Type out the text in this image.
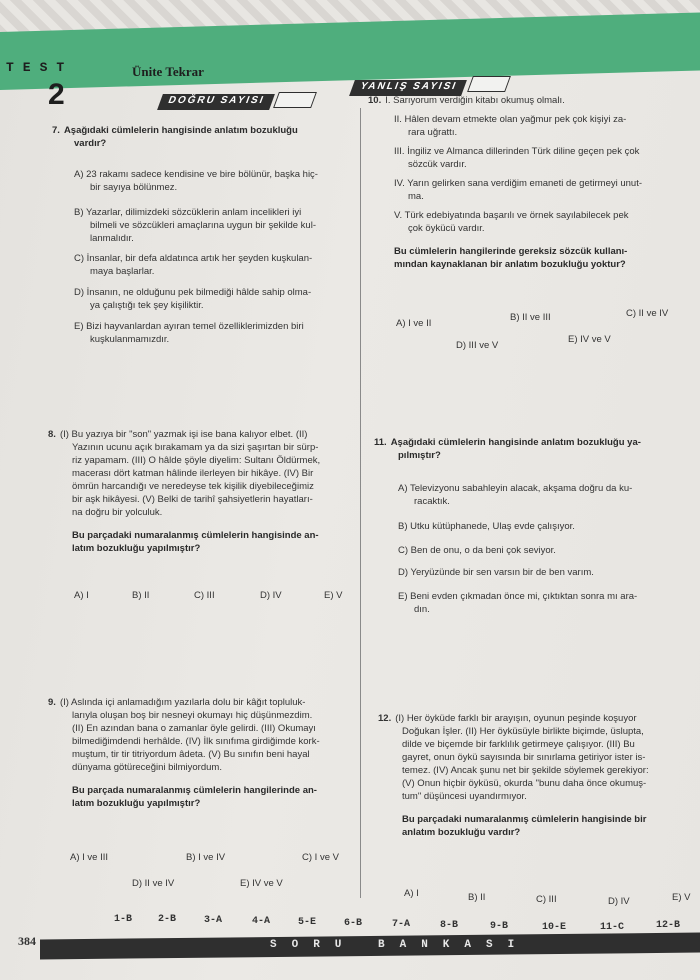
TEST
2
Ünite Tekrar
DOĞRU SAYISI
YANLIŞ SAYISI
7. Aşağıdaki cümlelerin hangisinde anlatım bozukluğu
vardır?
A) 23 rakamı sadece kendisine ve bire bölünür, başka hiç-
bir sayıya bölünmez.
B) Yazarlar, dilimizdeki sözcüklerin anlam incelikleri iyi
bilmeli ve sözcükleri amaçlarına uygun bir şekilde kul-
lanmalıdır.
C) İnsanlar, bir defa aldatınca artık her şeyden kuşkulan-
maya başlarlar.
D) İnsanın, ne olduğunu pek bilmediği hâlde sahip olma-
ya çalıştığı tek şey kişiliktir.
E) Bizi hayvanlardan ayıran temel özelliklerimizden biri
kuşkulanmamızdır.
8. (I) Bu yazıya bir "son" yazmak işi ise bana kalıyor elbet. (II)
Yazının ucunu açık bırakamam ya da sizi şaşırtan bir sürp-
riz yapamam. (III) O hâlde şöyle diyelim: Sultanı Öldürmek,
macerası dört katman hâlinde ilerleyen bir hikâye. (IV) Bir
ömrün harcandığı ve neredeyse tek kişilik diyebileceğimiz
bir aşk hikâyesi. (V) Belki de tarihî şahsiyetlerin hayatları-
na doğru bir yolculuk.
Bu parçadaki numaralanmış cümlelerin hangisinde an-
latım bozukluğu yapılmıştır?
A) I	B) II	C) III	D) IV	E) V
9. (I) Aslında içi anlamadığım yazılarla dolu bir kâğıt topluluk-
larıyla oluşan boş bir nesneyi okumayı hiç düşünmezdim.
(II) En azından bana o zamanlar öyle gelirdi. (III) Okumayı
bilmediğimdendi herhâlde. (IV) İlk sınıfıma girdiğimde kork-
muştum, tir tir titriyordum âdeta. (V) Bu sınıfın beni hayal
dünyama götüreceğini bilmiyordum.
Bu parçada numaralanmış cümlelerin hangilerinde an-
latım bozukluğu yapılmıştır?
A) I ve III	B) I ve IV	C) I ve V
D) II ve IV	E) IV ve V
10. I. Sarıyorum verdiğin kitabı okumuş olmalı.
II. Hâlen devam etmekte olan yağmur pek çok kişiyi za-
rara uğrattı.
III. İngiliz ve Almanca dillerinden Türk diline geçen pek çok
sözcük vardır.
IV. Yarın gelirken sana verdiğim emaneti de getirmeyi unut-
ma.
V. Türk edebiyatında başarılı ve örnek sayılabilecek pek
çok öykücü vardır.
Bu cümlelerin hangilerinde gereksiz sözcük kullanı-
mından kaynaklanan bir anlatım bozukluğu yoktur?
A) I ve II
B) II ve III	C) II ve IV
D) III ve V
E) IV ve V
11. Aşağıdaki cümlelerin hangisinde anlatım bozukluğu ya-
pılmıştır?
A) Televizyonu sabahleyin alacak, akşama doğru da ku-
racaktık.
B) Utku kütüphanede, Ulaş evde çalışıyor.
C) Ben de onu, o da beni çok seviyor.
D) Yeryüzünde bir sen varsın bir de ben varım.
E) Beni evden çıkmadan önce mi, çıktıktan sonra mı ara-
dın.
12. (I) Her öyküde farklı bir arayışın, oyunun peşinde koşuyor
Doğukan İşler. (II) Her öyküsüyle birlikte biçimde, üslupta,
dilde ve biçemde bir farklılık getirmeye çalışıyor. (III) Bu
gayret, onun öykü sayısında bir sınırlama getiriyor ister is-
temez. (IV) Ancak şunu net bir şekilde söylemek gerekiyor:
(V) Onun hiçbir öyküsü, okurda "bunu daha önce okumuş-
tum" düşüncesi uyandırmıyor.
Bu parçadaki numaralanmış cümlelerin hangisinde bir
anlatım bozukluğu vardır?
A) I	B) II	C) III	D) IV	E) V
1-B	2-B	3-A	4-A	5-E	6-B	7-A	8-B	9-B	10-E	11-C	12-B
SORU BANKASI
384
